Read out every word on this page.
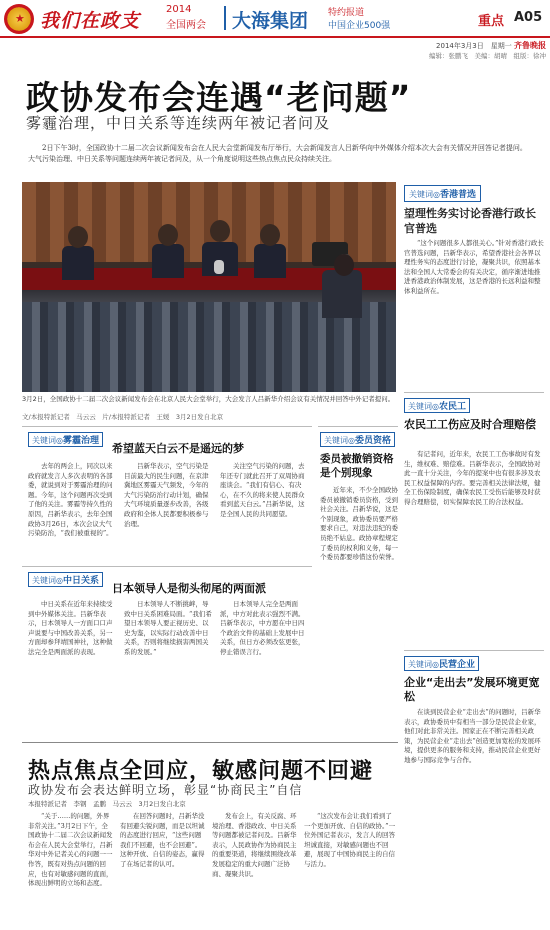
★ 我们在政支
2014
全国两会 大海集团 特约报道
中国企业500强	重点 A05
2014年3月3日　星期一 齐鲁晚报
编辑：张鹏飞　美编：胡晴　组版：徐冲
政协发布会连遇“老问题”
雾霾治理，中日关系等连续两年被记者问及

2日下午3时，全国政协十二届二次会议新闻发布会在人民大会堂新闻发布厅举行，大会新闻发言人吕新华向中外媒体介绍本次大会有关情况并回答记者提问。大气污染治理、中日关系等问题连续两年被记者问及，从一个角度说明这些热点焦点民众持续关注。

3月2日，全国政协十二届二次会议新闻发布会在北京人民大会堂举行，大会发言人吕新华介绍会议有关情况并回答中外记者提问。
文/本报特派记者　马云云　片/本报特派记者　王媛　3月2日发自北京
关键词◎香港普选
望理性务实讨论香港行政长官普选

“这个问题很多人都很关心。”针对香港行政长官普选问题，吕新华表示，希望香港社会各界以理性务实的态度进行讨论，凝聚共识，依照基本法和全国人大常委会的有关决定，循序渐进地推进香港政治体制发展，这是香港的长远利益和整体利益所在。

关键词◎农民工
农民工工伤应及时合理赔偿

有记者问，近年来，农民工工伤事故时有发生，维权难、赔偿难。吕新华表示，全国政协对此一直十分关注，今年的提案中也有很多涉及农民工权益保障的内容。要完善相关法律法规，健全工伤保险制度，确保农民工受伤后能够及时获得合理赔偿，切实保障农民工的合法权益。

关键词◎民营企业
企业“走出去”发展环境更宽松

在谈到民营企业“走出去”的问题时，吕新华表示，政协委员中有相当一部分是民营企业家，他们对此非常关注。国家正在不断完善相关政策，为民营企业“走出去”创造更加宽松的发展环境，提供更多的服务和支持，推动民营企业更好地参与国际竞争与合作。

关键词◎雾霾治理
希望蓝天白云不是遥远的梦

去年的两会上，同次以来政府就发言人多次表明的各部委，就说到对于雾霾治理的问题。今年，这个问题再次受到了他的关注。雾霾等持久性的原因，吕新华表示，去年全国政协3月26日，本次会议大气污染防治，“我们被重视的”。

吕新华表示，空气污染是目前最大的民生问题，在京津冀地区雾霾天气频发，今年的大气污染防治行动计划，确保大气环境质量逐步改善，各级政府和全体人民都要积极参与治理。

关注空气污染的问题，去年还专门就此召开了双周协商座谈会。“我们有信心、有决心，在不久的将来使人民群众看到蓝天白云。”吕新华说，这是全国人民的共同愿望。

关键词◎委员资格
委员被撤销资格是个别现象

近年来，不少全国政协委员被撤销委员资格，受到社会关注。吕新华说，这是个别现象，政协委员要严格要求自己，对违法违纪的委员绝不姑息。政协章程规定了委员的权利和义务，每一个委员都要珍惜这份荣誉。

关键词◎中日关系
日本领导人是彻头彻尾的两面派

中日关系在近年来持续受到中外媒体关注。吕新华表示，日本领导人一方面口口声声说要与中国改善关系，另一方面却参拜靖国神社，这种做法完全是两面派的表现。

日本领导人不断挑衅，导致中日关系困难局面。“我们希望日本领导人要正视历史、以史为鉴，以实际行动改善中日关系，否则将继续损害两国关系的发展。”

日本领导人完全是两面派，中方对此表示强烈不满。吕新华表示，中方愿在中日四个政治文件的基础上发展中日关系，但日方必须改弦更张，停止错误言行。

热点焦点全回应，敏感问题不回避
政协发布会表达鲜明立场，彰显“协商民主”自信
本报特派记者　李钢　孟鹏　马云云　3月2日发自北京

“关于……的问题，外界非常关注。”3月2日下午，全国政协十二届二次会议新闻发布会在人民大会堂举行，吕新华对中外记者关心的问题一一作答，既有对热点问题的回应，也有对敏感问题的直面，体现出鲜明的立场和态度。

在回答问题时，吕新华没有回避尖锐问题，而是以坦诚的态度进行回应，“这些问题我们不回避，也不会回避”。这种开放、自信的姿态，赢得了在场记者的认可。

发布会上，有关反腐、环境治理、香港政改、中日关系等问题都被记者问及。吕新华表示，人民政协作为协商民主的重要渠道，将继续围绕改革发展稳定的重大问题广泛协商、凝聚共识。

“这次发布会让我们看到了一个更加开放、自信的政协。”一位外国记者表示，发言人的回答坦诚直接，对敏感问题也不回避，展现了中国协商民主的自信与活力。
